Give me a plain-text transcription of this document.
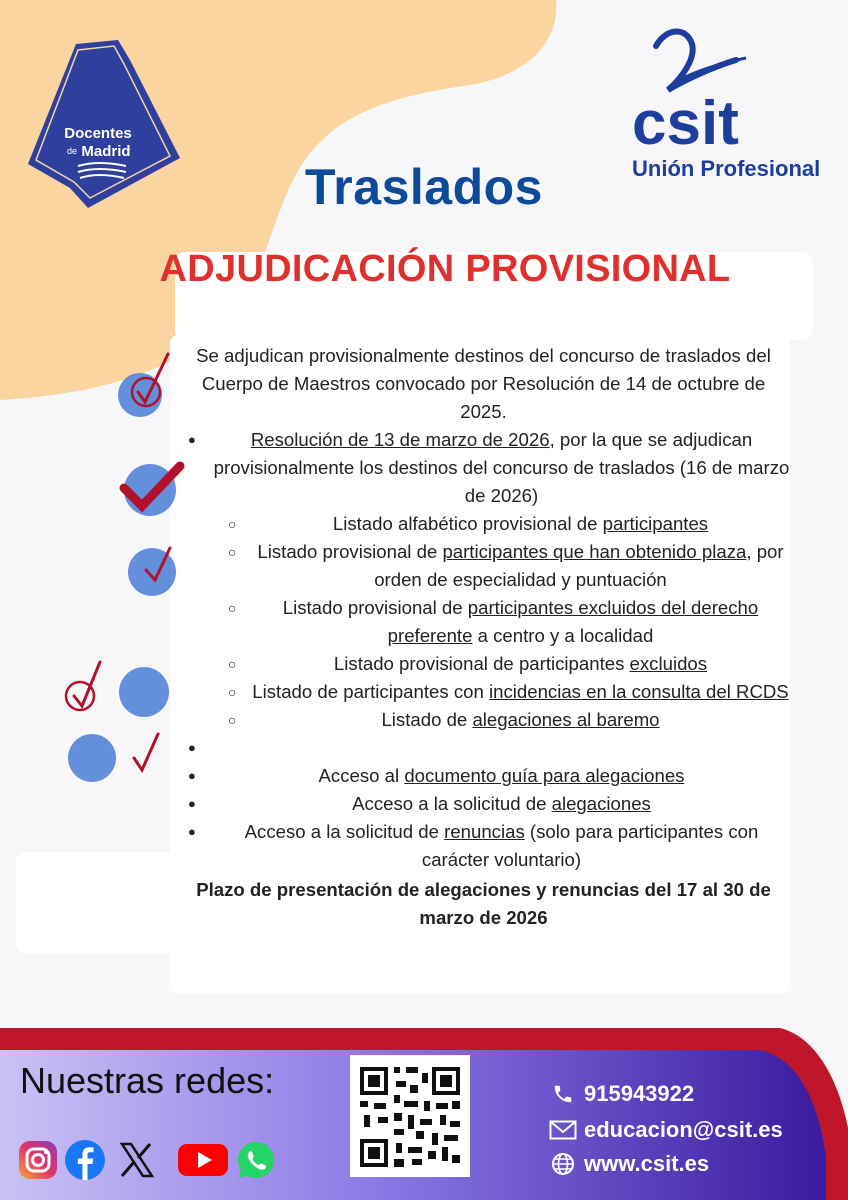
Docentes
de Madrid	csit
Unión Profesional
Traslados
ADJUDICACIÓN PROVISIONAL

Se adjudican provisionalmente destinos del concurso de traslados del Cuerpo de Maestros convocado por Resolución de 14 de octubre de 2025.

● Resolución de 13 de marzo de 2026, por la que se adjudican provisionalmente los destinos del concurso de traslados (16 de marzo de 2026)
○ Listado alfabético provisional de participantes
○ Listado provisional de participantes que han obtenido plaza, por orden de especialidad y puntuación
○ Listado provisional de participantes excluidos del derecho preferente a centro y a localidad
○ Listado provisional de participantes excluidos
○ Listado de participantes con incidencias en la consulta del RCDS
○ Listado de alegaciones al baremo
●
● Acceso al documento guía para alegaciones
● Acceso a la solicitud de alegaciones
● Acceso a la solicitud de renuncias (solo para participantes con carácter voluntario)

Plazo de presentación de alegaciones y renuncias del 17 al 30 de marzo de 2026

Nuestras redes:	915943922
educacion@csit.es
www.csit.es
